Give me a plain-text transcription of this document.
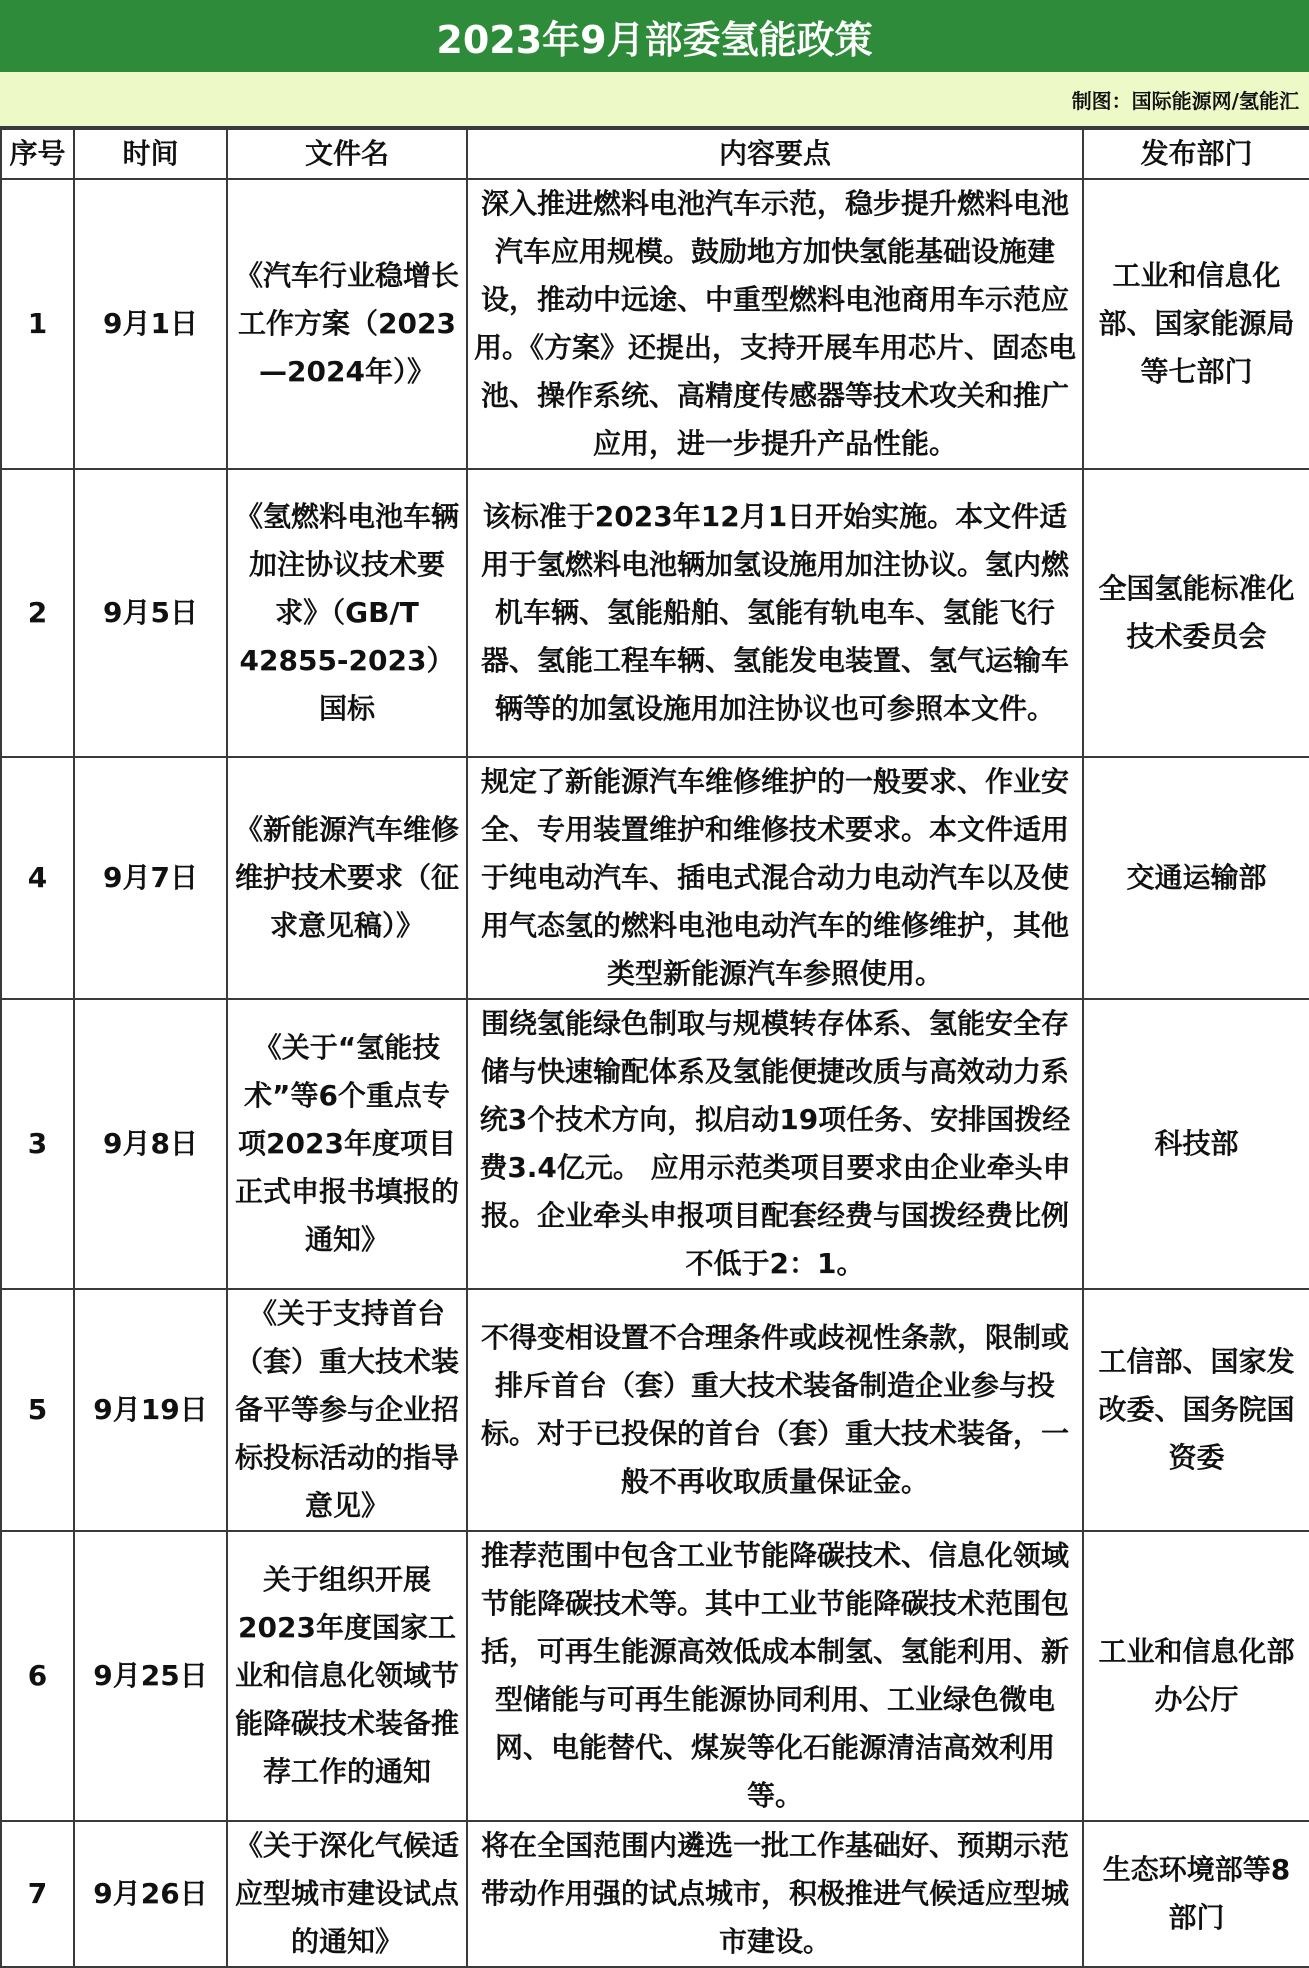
2023年9月部委氢能政策
制图：国际能源网/氢能汇
序号	时间	文件名	内容要点	发布部门
1	9月1日	《汽车行业稳增长工作方案（2023—2024年）》	深入推进燃料电池汽车示范，稳步提升燃料电池汽车应用规模。鼓励地方加快氢能基础设施建设，推动中远途、中重型燃料电池商用车示范应用。《方案》还提出，支持开展车用芯片、固态电池、操作系统、高精度传感器等技术攻关和推广应用，进一步提升产品性能。	工业和信息化部、国家能源局等七部门
2	9月5日	《氢燃料电池车辆加注协议技术要求》（GB/T 42855-2023）国标	该标准于2023年12月1日开始实施。本文件适用于氢燃料电池辆加氢设施用加注协议。氢内燃机车辆、氢能船舶、氢能有轨电车、氢能飞行器、氢能工程车辆、氢能发电装置、氢气运输车辆等的加氢设施用加注协议也可参照本文件。	全国氢能标准化技术委员会
4	9月7日	《新能源汽车维修维护技术要求（征求意见稿）》	规定了新能源汽车维修维护的一般要求、作业安全、专用装置维护和维修技术要求。本文件适用于纯电动汽车、插电式混合动力电动汽车以及使用气态氢的燃料电池电动汽车的维修维护，其他类型新能源汽车参照使用。	交通运输部
3	9月8日	《关于“氢能技术”等6个重点专项2023年度项目正式申报书填报的通知》	围绕氢能绿色制取与规模转存体系、氢能安全存储与快速输配体系及氢能便捷改质与高效动力系统3个技术方向，拟启动19项任务、安排国拨经费3.4亿元。 应用示范类项目要求由企业牵头申报。企业牵头申报项目配套经费与国拨经费比例不低于2：1。	科技部
5	9月19日	《关于支持首台（套）重大技术装备平等参与企业招标投标活动的指导意见》	不得变相设置不合理条件或歧视性条款，限制或排斥首台（套）重大技术装备制造企业参与投标。对于已投保的首台（套）重大技术装备，一般不再收取质量保证金。	工信部、国家发改委、国务院国资委
6	9月25日	关于组织开展2023年度国家工业和信息化领域节能降碳技术装备推荐工作的通知	推荐范围中包含工业节能降碳技术、信息化领域节能降碳技术等。其中工业节能降碳技术范围包括，可再生能源高效低成本制氢、氢能利用、新型储能与可再生能源协同利用、工业绿色微电网、电能替代、煤炭等化石能源清洁高效利用等。	工业和信息化部办公厅
7	9月26日	《关于深化气候适应型城市建设试点的通知》	将在全国范围内遴选一批工作基础好、预期示范带动作用强的试点城市，积极推进气候适应型城市建设。	生态环境部等8部门
